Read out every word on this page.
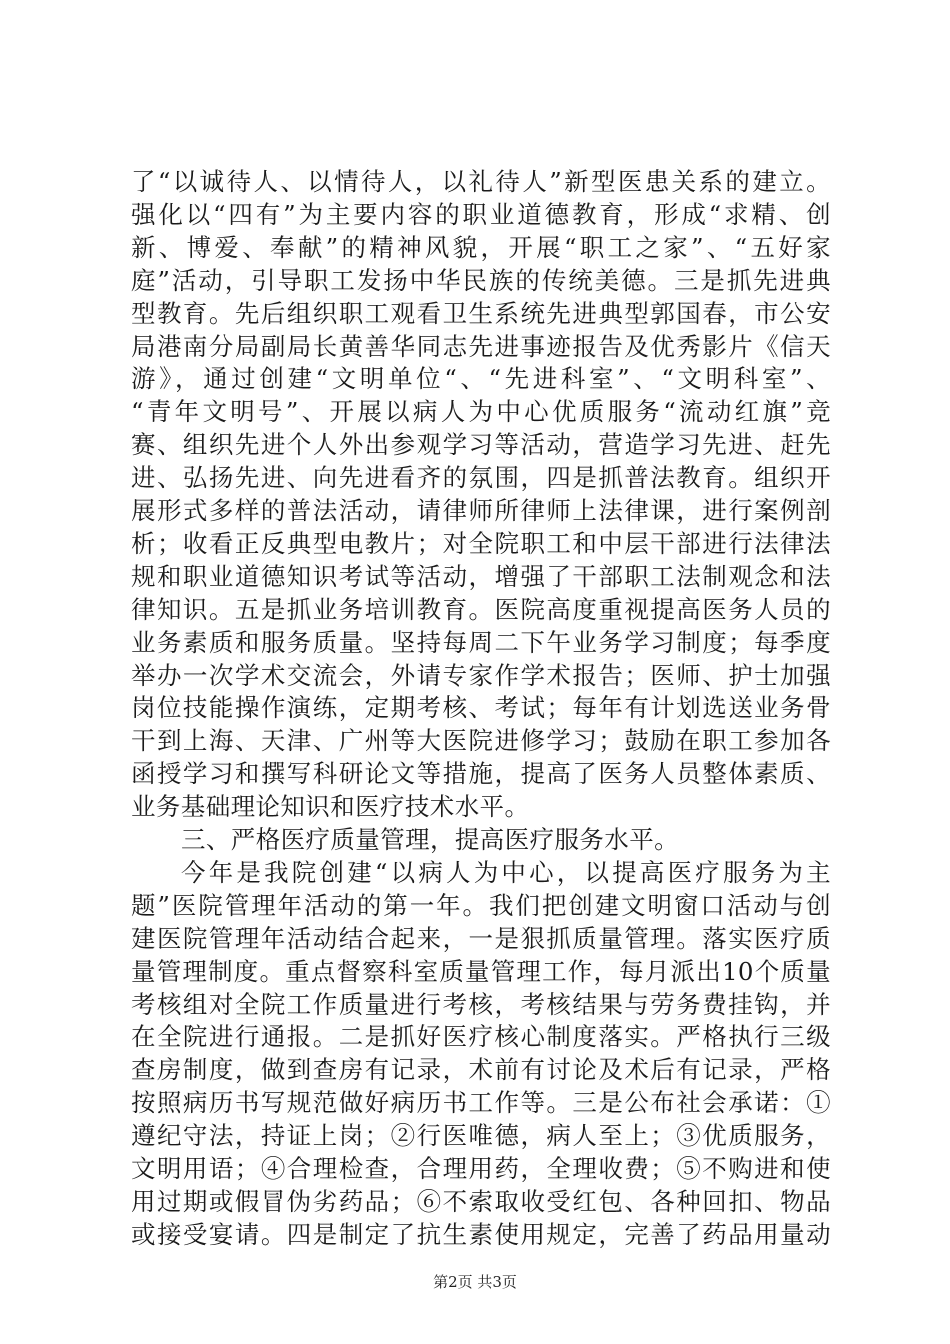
了“以诚待人、以情待人，以礼待人”新型医患关系的建立。
强化以“四有”为主要内容的职业道德教育，形成“求精、创
新、博爱、奉献”的精神风貌，开展“职工之家”、“五好家
庭”活动，引导职工发扬中华民族的传统美德。三是抓先进典
型教育。先后组织职工观看卫生系统先进典型郭国春，市公安
局港南分局副局长黄善华同志先进事迹报告及优秀影片《信天
游》，通过创建“文明单位“、“先进科室”、“文明科室”、
“青年文明号”、开展以病人为中心优质服务“流动红旗”竞
赛、组织先进个人外出参观学习等活动，营造学习先进、赶先
进、弘扬先进、向先进看齐的氛围，四是抓普法教育。组织开
展形式多样的普法活动，请律师所律师上法律课，进行案例剖
析；收看正反典型电教片；对全院职工和中层干部进行法律法
规和职业道德知识考试等活动，增强了干部职工法制观念和法
律知识。五是抓业务培训教育。医院高度重视提高医务人员的
业务素质和服务质量。坚持每周二下午业务学习制度；每季度
举办一次学术交流会，外请专家作学术报告；医师、护士加强
岗位技能操作演练，定期考核、考试；每年有计划选送业务骨
干到上海、天津、广州等大医院进修学习；鼓励在职工参加各
函授学习和撰写科研论文等措施，提高了医务人员整体素质、
业务基础理论知识和医疗技术水平。
三、严格医疗质量管理，提高医疗服务水平。
今年是我院创建“以病人为中心，以提高医疗服务为主
题”医院管理年活动的第一年。我们把创建文明窗口活动与创
建医院管理年活动结合起来，一是狠抓质量管理。落实医疗质
量管理制度。重点督察科室质量管理工作，每月派出10个质量
考核组对全院工作质量进行考核，考核结果与劳务费挂钩，并
在全院进行通报。二是抓好医疗核心制度落实。严格执行三级
查房制度，做到查房有记录，术前有讨论及术后有记录，严格
按照病历书写规范做好病历书工作等。三是公布社会承诺：①
遵纪守法，持证上岗；②行医唯德，病人至上；③优质服务，
文明用语；④合理检查，合理用药，全理收费；⑤不购进和使
用过期或假冒伪劣药品；⑥不索取收受红包、各种回扣、物品
或接受宴请。四是制定了抗生素使用规定，完善了药品用量动
第2页 共3页
